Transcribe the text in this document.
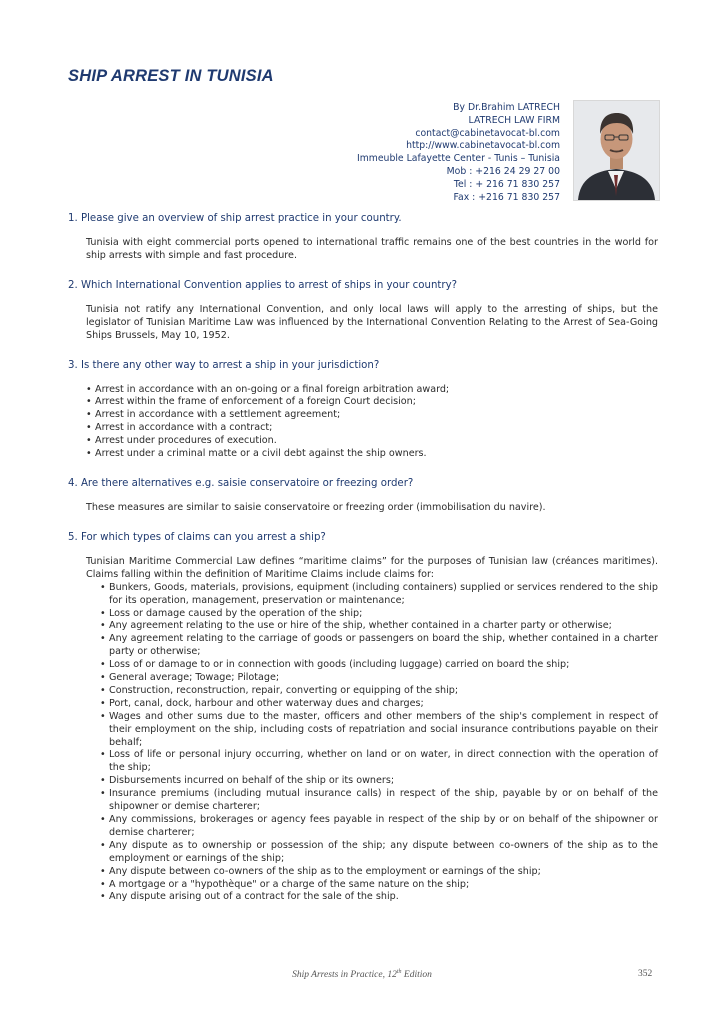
SHIP ARREST IN TUNISIA
By Dr.Brahim LATRECH
LATRECH LAW FIRM
contact@cabinetavocat-bl.com
http://www.cabinetavocat-bl.com
Immeuble Lafayette Center - Tunis – Tunisia
Mob : +216 24 29 27 00
Tel : + 216 71 830 257
Fax : +216 71 830 257
1. Please give an overview of ship arrest practice in your country.
Tunisia with eight commercial ports opened to international traffic remains one of the best countries in the world for ship arrests with simple and fast procedure.
2. Which International Convention applies to arrest of ships in your country?
Tunisia not ratify any International Convention, and only local laws will apply to the arresting of ships, but the legislator of Tunisian Maritime Law was influenced by the International Convention Relating to the Arrest of Sea-Going Ships Brussels, May 10, 1952.
3. Is there any other way to arrest a ship in your jurisdiction?
• Arrest in accordance with an on-going or a final foreign arbitration award;
• Arrest within the frame of enforcement of a foreign Court decision;
• Arrest in accordance with a settlement agreement;
• Arrest in accordance with a contract;
• Arrest under procedures of execution.
• Arrest under a criminal matte or a civil debt against the ship owners.
4. Are there alternatives e.g. saisie conservatoire or freezing order?
These measures are similar to saisie conservatoire or freezing order (immobilisation du navire).
5. For which types of claims can you arrest a ship?
Tunisian Maritime Commercial Law defines “maritime claims” for the purposes of Tunisian law (créances maritimes). Claims falling within the definition of Maritime Claims include claims for:
• Bunkers, Goods, materials, provisions, equipment (including containers) supplied or services rendered to the ship for its operation, management, preservation or maintenance;
• Loss or damage caused by the operation of the ship;
• Any agreement relating to the use or hire of the ship, whether contained in a charter party or otherwise;
• Any agreement relating to the carriage of goods or passengers on board the ship, whether contained in a charter party or otherwise;
• Loss of or damage to or in connection with goods (including luggage) carried on board the ship;
• General average; Towage; Pilotage;
• Construction, reconstruction, repair, converting or equipping of the ship;
• Port, canal, dock, harbour and other waterway dues and charges;
• Wages and other sums due to the master, officers and other members of the ship's complement in respect of their employment on the ship, including costs of repatriation and social insurance contributions payable on their behalf;
• Loss of life or personal injury occurring, whether on land or on water, in direct connection with the operation of the ship;
• Disbursements incurred on behalf of the ship or its owners;
• Insurance premiums (including mutual insurance calls) in respect of the ship, payable by or on behalf of the shipowner or demise charterer;
• Any commissions, brokerages or agency fees payable in respect of the ship by or on behalf of the shipowner or demise charterer;
• Any dispute as to ownership or possession of the ship; any dispute between co-owners of the ship as to the employment or earnings of the ship;
• Any dispute between co-owners of the ship as to the employment or earnings of the ship;
• A mortgage or a "hypothèque" or a charge of the same nature on the ship;
• Any dispute arising out of a contract for the sale of the ship.
Ship Arrests in Practice, 12th Edition	352
